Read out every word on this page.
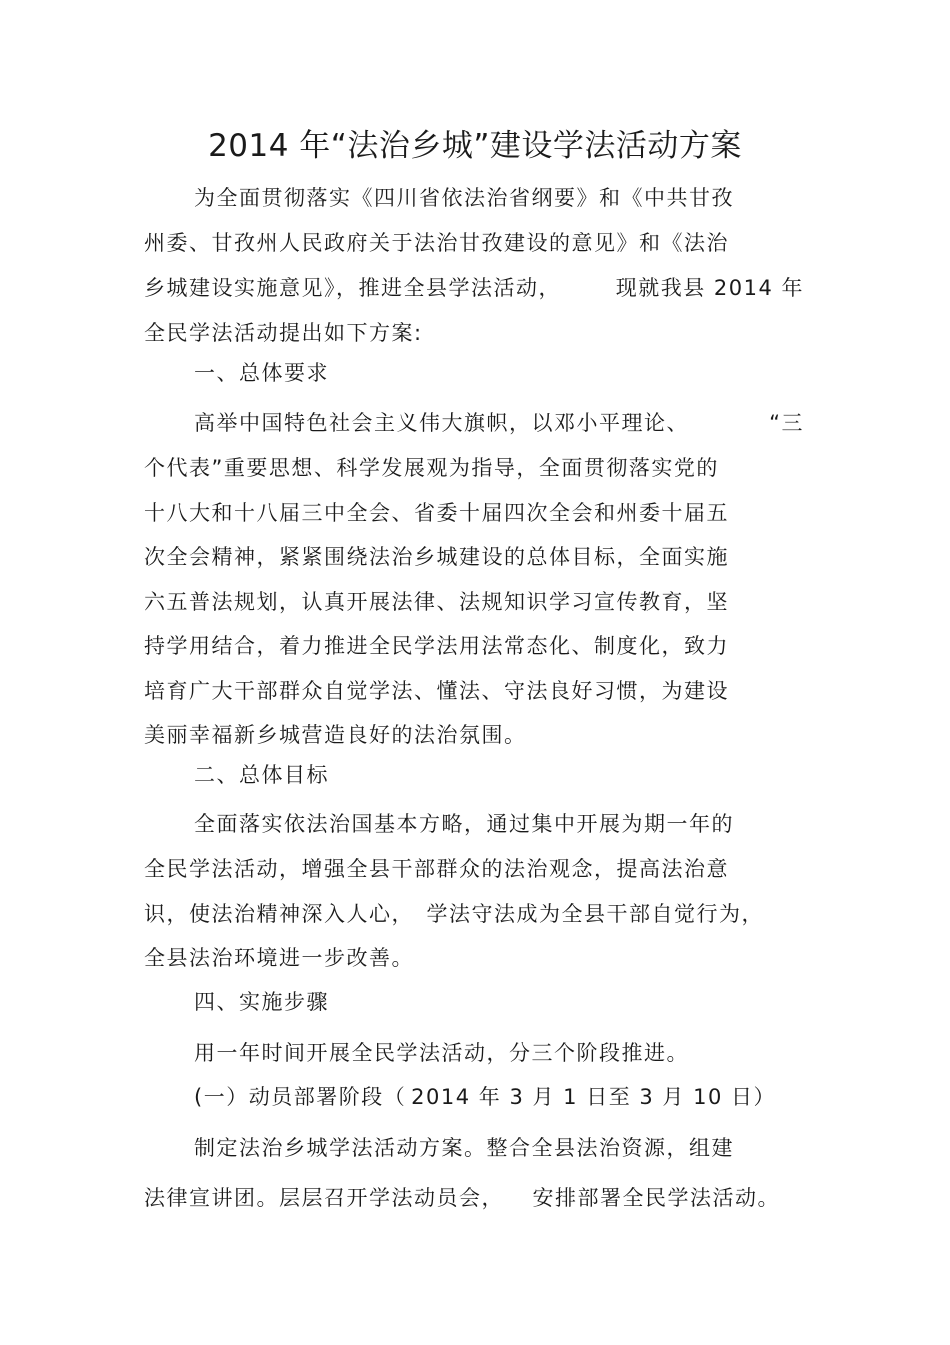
2014 年“法治乡城”建设学法活动方案
为全面贯彻落实《四川省依法治省纲要》和《中共甘孜
州委、甘孜州人民政府关于法治甘孜建设的意见》和《法治
乡城建设实施意见》，推进全县学法活动，	现就我县 2014 年
全民学法活动提出如下方案:
一、总体要求
高举中国特色社会主义伟大旗帜，以邓小平理论、	“三
个代表”重要思想、科学发展观为指导，全面贯彻落实党的
十八大和十八届三中全会、省委十届四次全会和州委十届五
次全会精神，紧紧围绕法治乡城建设的总体目标，全面实施
六五普法规划，认真开展法律、法规知识学习宣传教育，坚
持学用结合，着力推进全民学法用法常态化、制度化，致力
培育广大干部群众自觉学法、懂法、守法良好习惯，为建设
美丽幸福新乡城营造良好的法治氛围。
二、总体目标
全面落实依法治国基本方略，通过集中开展为期一年的
全民学法活动，增强全县干部群众的法治观念，提高法治意
识，使法治精神深入人心， 学法守法成为全县干部自觉行为，
全县法治环境进一步改善。
四、实施步骤
用一年时间开展全民学法活动，分三个阶段推进。
(一）动员部署阶段（ 2014 年 3 月 1 日至 3 月 10 日）
制定法治乡城学法活动方案。整合全县法治资源，组建
法律宣讲团。层层召开学法动员会， 安排部署全民学法活动。
